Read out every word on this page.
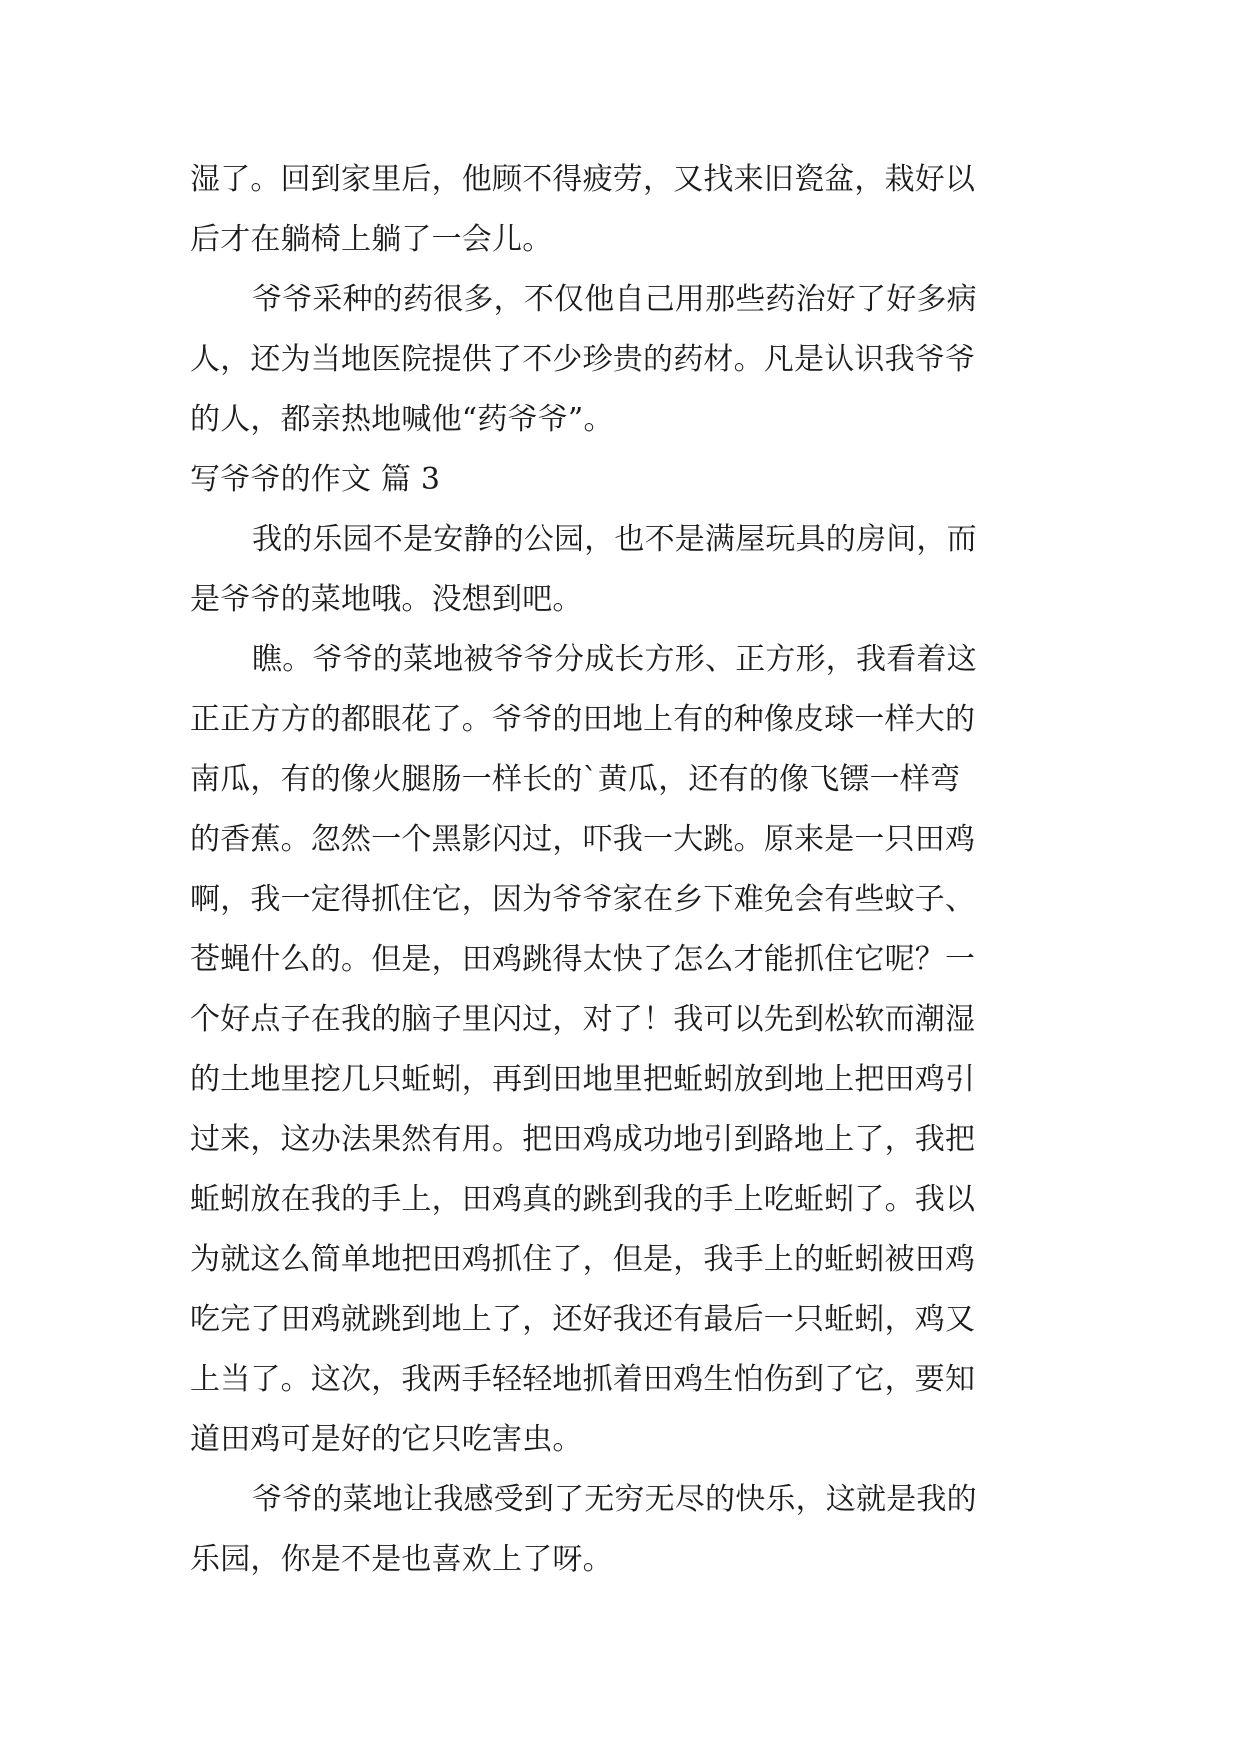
湿了。回到家里后，他顾不得疲劳，又找来旧瓷盆，栽好以
后才在躺椅上躺了一会儿。
爷爷采种的药很多，不仅他自己用那些药治好了好多病
人，还为当地医院提供了不少珍贵的药材。凡是认识我爷爷
的人，都亲热地喊他“药爷爷”。
写爷爷的作文 篇 3
我的乐园不是安静的公园，也不是满屋玩具的房间，而
是爷爷的菜地哦。没想到吧。
瞧。爷爷的菜地被爷爷分成长方形、正方形，我看着这
正正方方的都眼花了。爷爷的田地上有的种像皮球一样大的
南瓜，有的像火腿肠一样长的`黄瓜，还有的像飞镖一样弯
的香蕉。忽然一个黑影闪过，吓我一大跳。原来是一只田鸡
啊，我一定得抓住它，因为爷爷家在乡下难免会有些蚊子、
苍蝇什么的。但是，田鸡跳得太快了怎么才能抓住它呢？一
个好点子在我的脑子里闪过，对了！我可以先到松软而潮湿
的土地里挖几只蚯蚓，再到田地里把蚯蚓放到地上把田鸡引
过来，这办法果然有用。把田鸡成功地引到路地上了，我把
蚯蚓放在我的手上，田鸡真的跳到我的手上吃蚯蚓了。我以
为就这么简单地把田鸡抓住了，但是，我手上的蚯蚓被田鸡
吃完了田鸡就跳到地上了，还好我还有最后一只蚯蚓，鸡又
上当了。这次，我两手轻轻地抓着田鸡生怕伤到了它，要知
道田鸡可是好的它只吃害虫。
爷爷的菜地让我感受到了无穷无尽的快乐，这就是我的
乐园，你是不是也喜欢上了呀。
